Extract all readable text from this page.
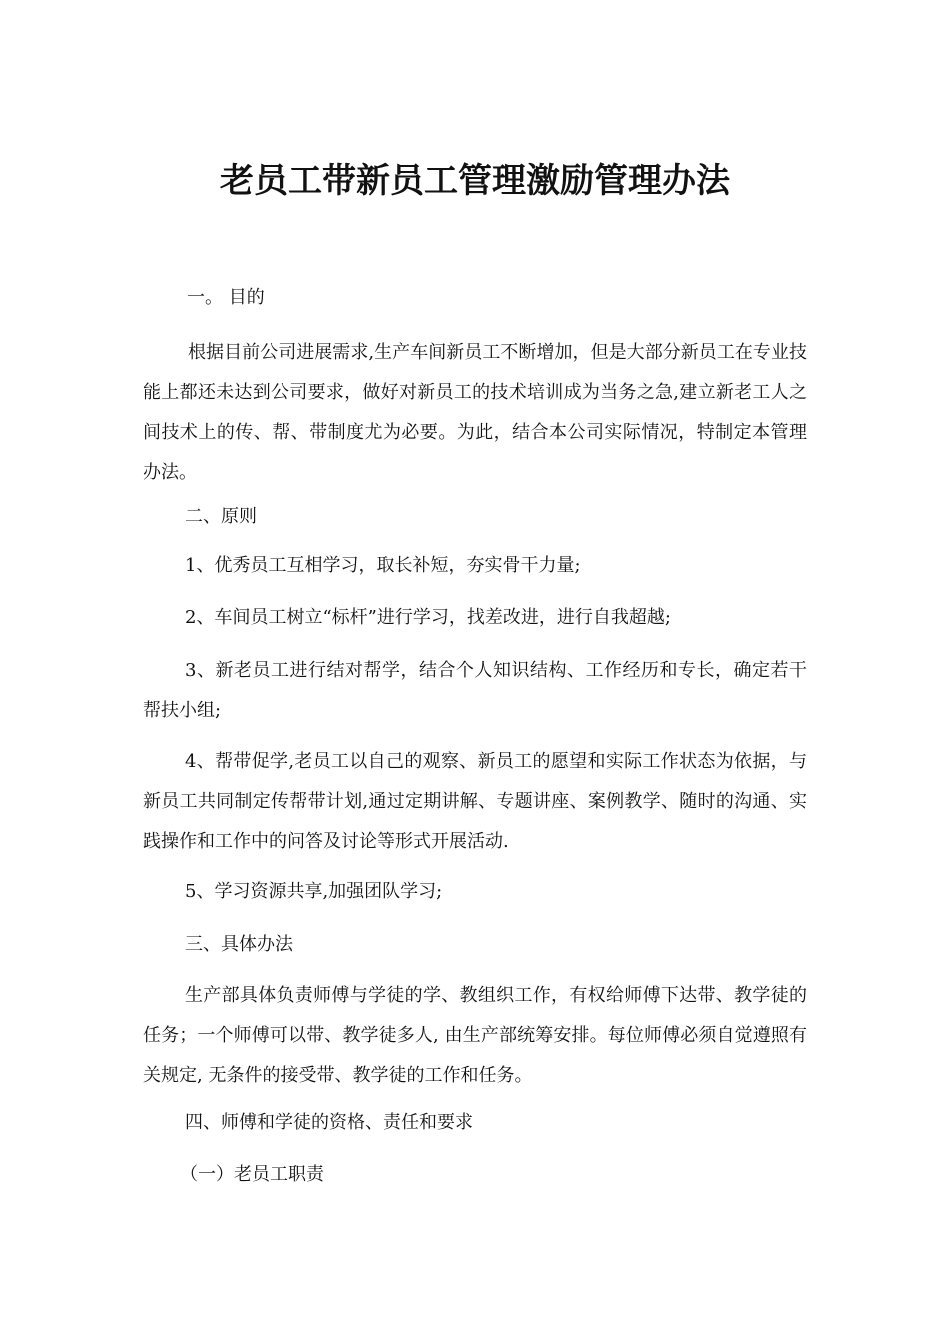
老员工带新员工管理激励管理办法

一。 目的

根据目前公司进展需求,生产车间新员工不断增加，但是大部分新员工在专业技能上都还未达到公司要求，做好对新员工的技术培训成为当务之急,建立新老工人之间技术上的传、帮、带制度尤为必要。为此，结合本公司实际情况，特制定本管理办法。

二、原则

1、优秀员工互相学习，取长补短，夯实骨干力量;

2、车间员工树立“标杆”进行学习，找差改进，进行自我超越;

3、新老员工进行结对帮学，结合个人知识结构、工作经历和专长，确定若干帮扶小组;

4、帮带促学,老员工以自己的观察、新员工的愿望和实际工作状态为依据，与新员工共同制定传帮带计划,通过定期讲解、专题讲座、案例教学、随时的沟通、实践操作和工作中的问答及讨论等形式开展活动.

5、学习资源共享,加强团队学习;

三、具体办法

生产部具体负责师傅与学徒的学、教组织工作，有权给师傅下达带、教学徒的任务；一个师傅可以带、教学徒多人, 由生产部统筹安排。每位师傅必须自觉遵照有关规定, 无条件的接受带、教学徒的工作和任务。

四、师傅和学徒的资格、责任和要求

（一）老员工职责
